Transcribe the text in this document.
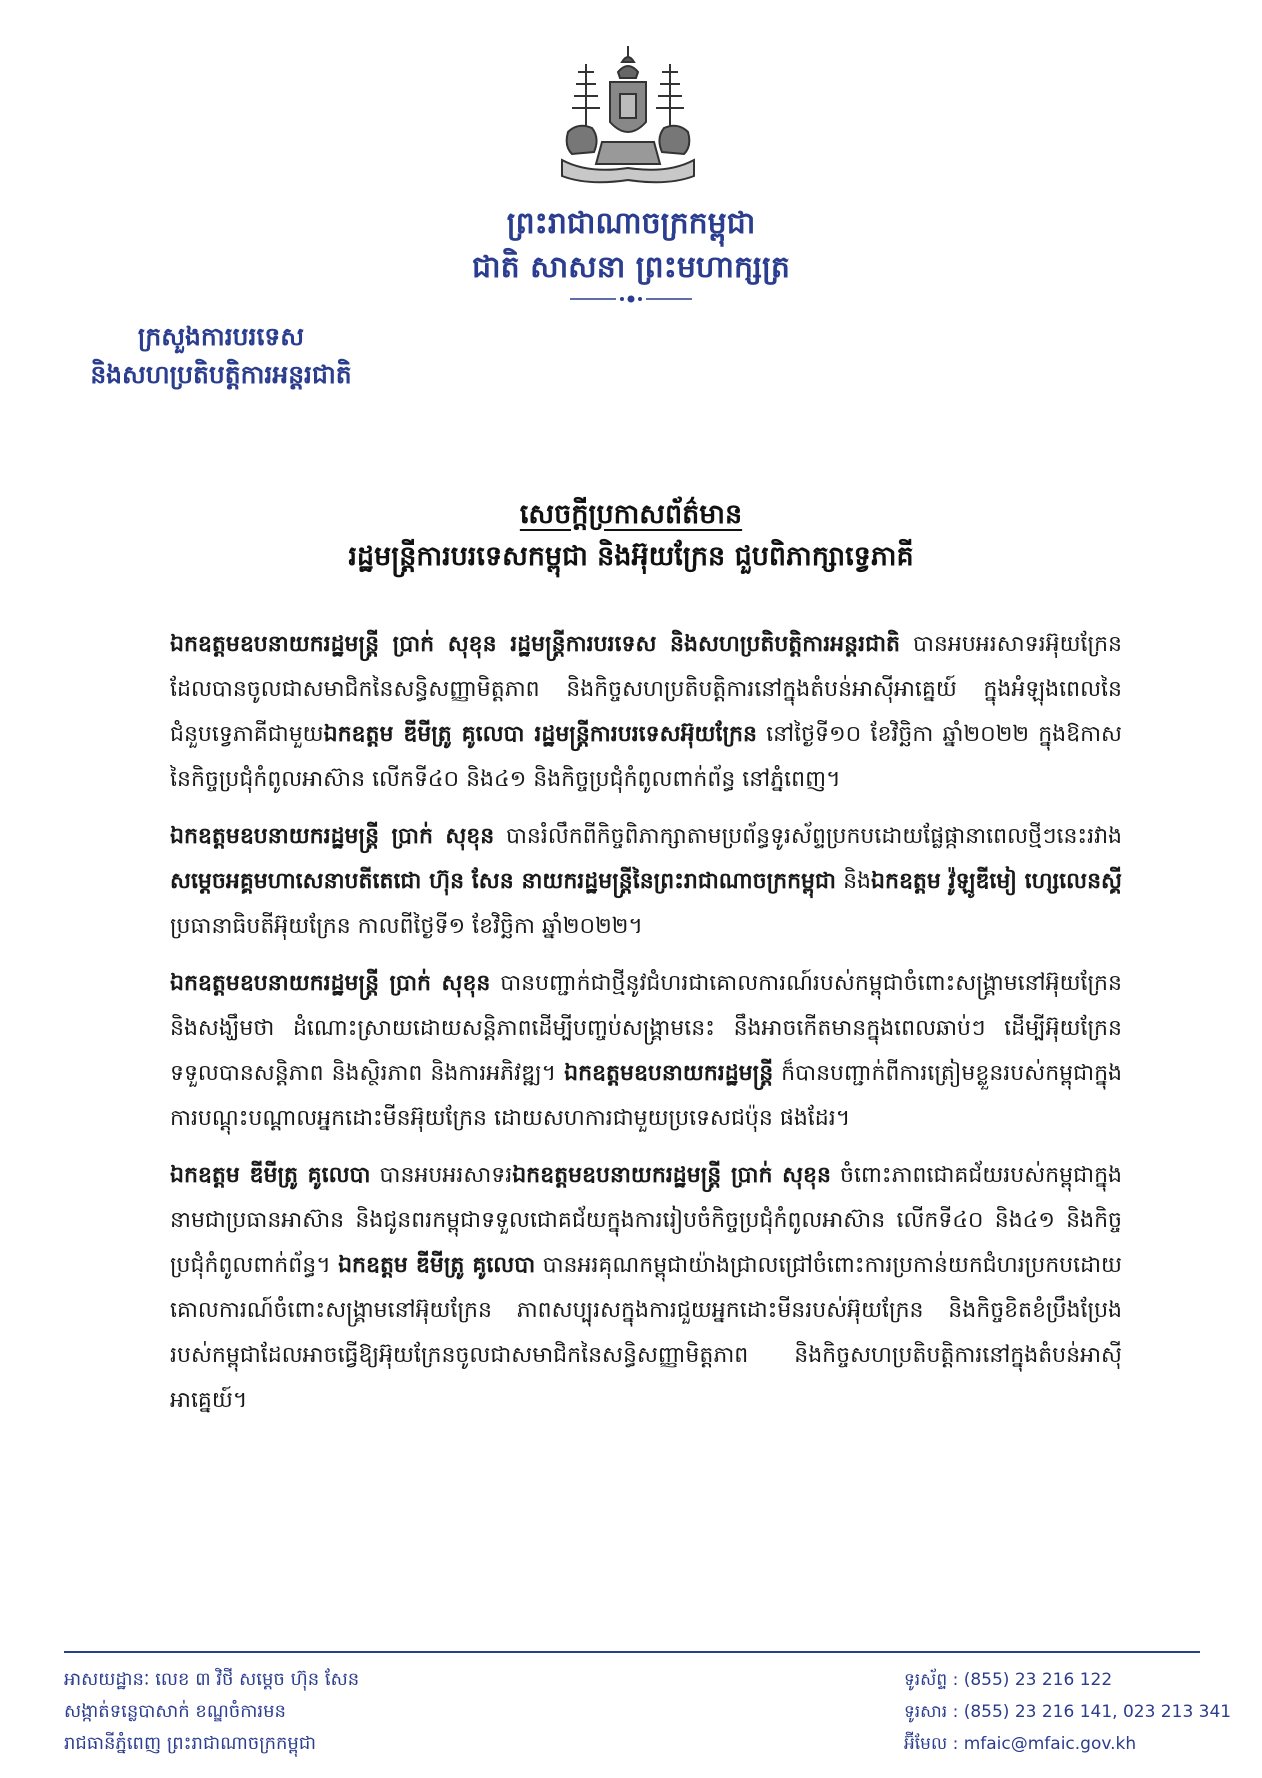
ព្រះរាជាណាចក្រកម្ពុជា
ជាតិ សាសនា ព្រះមហាក្សត្រ
ក្រសួងការបរទេស
និងសហប្រតិបត្តិការអន្តរជាតិ
សេចក្តីប្រកាសព័ត៌មាន
រដ្ឋមន្ត្រីការបរទេសកម្ពុជា និងអ៊ុយក្រែន ជួបពិភាក្សាទ្វេភាគី

ឯកឧត្តមឧបនាយករដ្ឋមន្ត្រី ប្រាក់ សុខុន រដ្ឋមន្ត្រីការបរទេស និងសហប្រតិបត្តិការអន្តរជាតិ បានអបអរសាទរអ៊ុយក្រែន ដែលបានចូលជាសមាជិកនៃសន្ធិសញ្ញាមិត្តភាព និងកិច្ចសហប្រតិបត្តិការនៅក្នុងតំបន់អាស៊ីអាគ្នេយ៍ ក្នុងអំឡុងពេលនៃជំនួបទ្វេភាគីជាមួយឯកឧត្តម ឌីមីត្រូ គូលេបា រដ្ឋមន្ត្រីការបរទេសអ៊ុយក្រែន នៅថ្ងៃទី១០ ខែវិច្ឆិកា ឆ្នាំ២០២២ ក្នុងឱកាសនៃកិច្ចប្រជុំកំពូលអាស៊ាន លើកទី៤០ និង៤១ និងកិច្ចប្រជុំកំពូលពាក់ព័ន្ធ នៅភ្នំពេញ។

ឯកឧត្តមឧបនាយករដ្ឋមន្ត្រី ប្រាក់ សុខុន បានរំលឹកពីកិច្ចពិភាក្សាតាមប្រព័ន្ធទូរស័ព្ទប្រកបដោយផ្លែផ្កានាពេលថ្មីៗនេះរវាងសម្តេចអគ្គមហាសេនាបតីតេជោ ហ៊ុន សែន នាយករដ្ឋមន្ត្រីនៃព្រះរាជាណាចក្រកម្ពុជា និងឯកឧត្តម វ៉ូឡូឌីមៀ ហ្សេលេនស្គី ប្រធានាធិបតីអ៊ុយក្រែន កាលពីថ្ងៃទី១ ខែវិច្ឆិកា ឆ្នាំ២០២២។

ឯកឧត្តមឧបនាយករដ្ឋមន្ត្រី ប្រាក់ សុខុន បានបញ្ជាក់ជាថ្មីនូវជំហរជាគោលការណ៍របស់កម្ពុជាចំពោះសង្គ្រាមនៅអ៊ុយក្រែន និងសង្ឃឹមថា ដំណោះស្រាយដោយសន្តិភាពដើម្បីបញ្ចប់សង្គ្រាមនេះ នឹងអាចកើតមានក្នុងពេលឆាប់ៗ ដើម្បីអ៊ុយក្រែនទទួលបានសន្តិភាព និងស្ថិរភាព និងការអភិវឌ្ឍ។ ឯកឧត្តមឧបនាយករដ្ឋមន្ត្រី ក៏បានបញ្ជាក់ពីការត្រៀមខ្លួនរបស់កម្ពុជាក្នុងការបណ្តុះបណ្តាលអ្នកដោះមីនអ៊ុយក្រែន ដោយសហការជាមួយប្រទេសជប៉ុន ផងដែរ។

ឯកឧត្តម ឌីមីត្រូ គូលេបា បានអបអរសាទរឯកឧត្តមឧបនាយករដ្ឋមន្ត្រី ប្រាក់ សុខុន ចំពោះភាពជោគជ័យរបស់កម្ពុជាក្នុងនាមជាប្រធានអាស៊ាន និងជូនពរកម្ពុជាទទួលជោគជ័យក្នុងការរៀបចំកិច្ចប្រជុំកំពូលអាស៊ាន លើកទី៤០ និង៤១ និងកិច្ចប្រជុំកំពូលពាក់ព័ន្ធ។ ឯកឧត្តម ឌីមីត្រូ គូលេបា បានអរគុណកម្ពុជាយ៉ាងជ្រាលជ្រៅចំពោះការប្រកាន់យកជំហរប្រកបដោយគោលការណ៍ចំពោះសង្គ្រាមនៅអ៊ុយក្រែន ភាពសប្បុរសក្នុងការជួយអ្នកដោះមីនរបស់អ៊ុយក្រែន និងកិច្ចខិតខំប្រឹងប្រែងរបស់កម្ពុជាដែលអាចធ្វើឱ្យអ៊ុយក្រែនចូលជាសមាជិកនៃសន្ធិសញ្ញាមិត្តភាព និងកិច្ចសហប្រតិបត្តិការនៅក្នុងតំបន់អាស៊ីអាគ្នេយ៍។

អាសយដ្ឋានៈ លេខ ៣ វិថី សម្តេច ហ៊ុន សែន
សង្កាត់ទន្លេបាសាក់ ខណ្ឌចំការមន
រាជធានីភ្នំពេញ ព្រះរាជាណាចក្រកម្ពុជា
ទូរស័ព្ទ : (855) 23 216 122
ទូរសារ : (855) 23 216 141, 023 213 341
អ៊ីមែល : mfaic@mfaic.gov.kh
